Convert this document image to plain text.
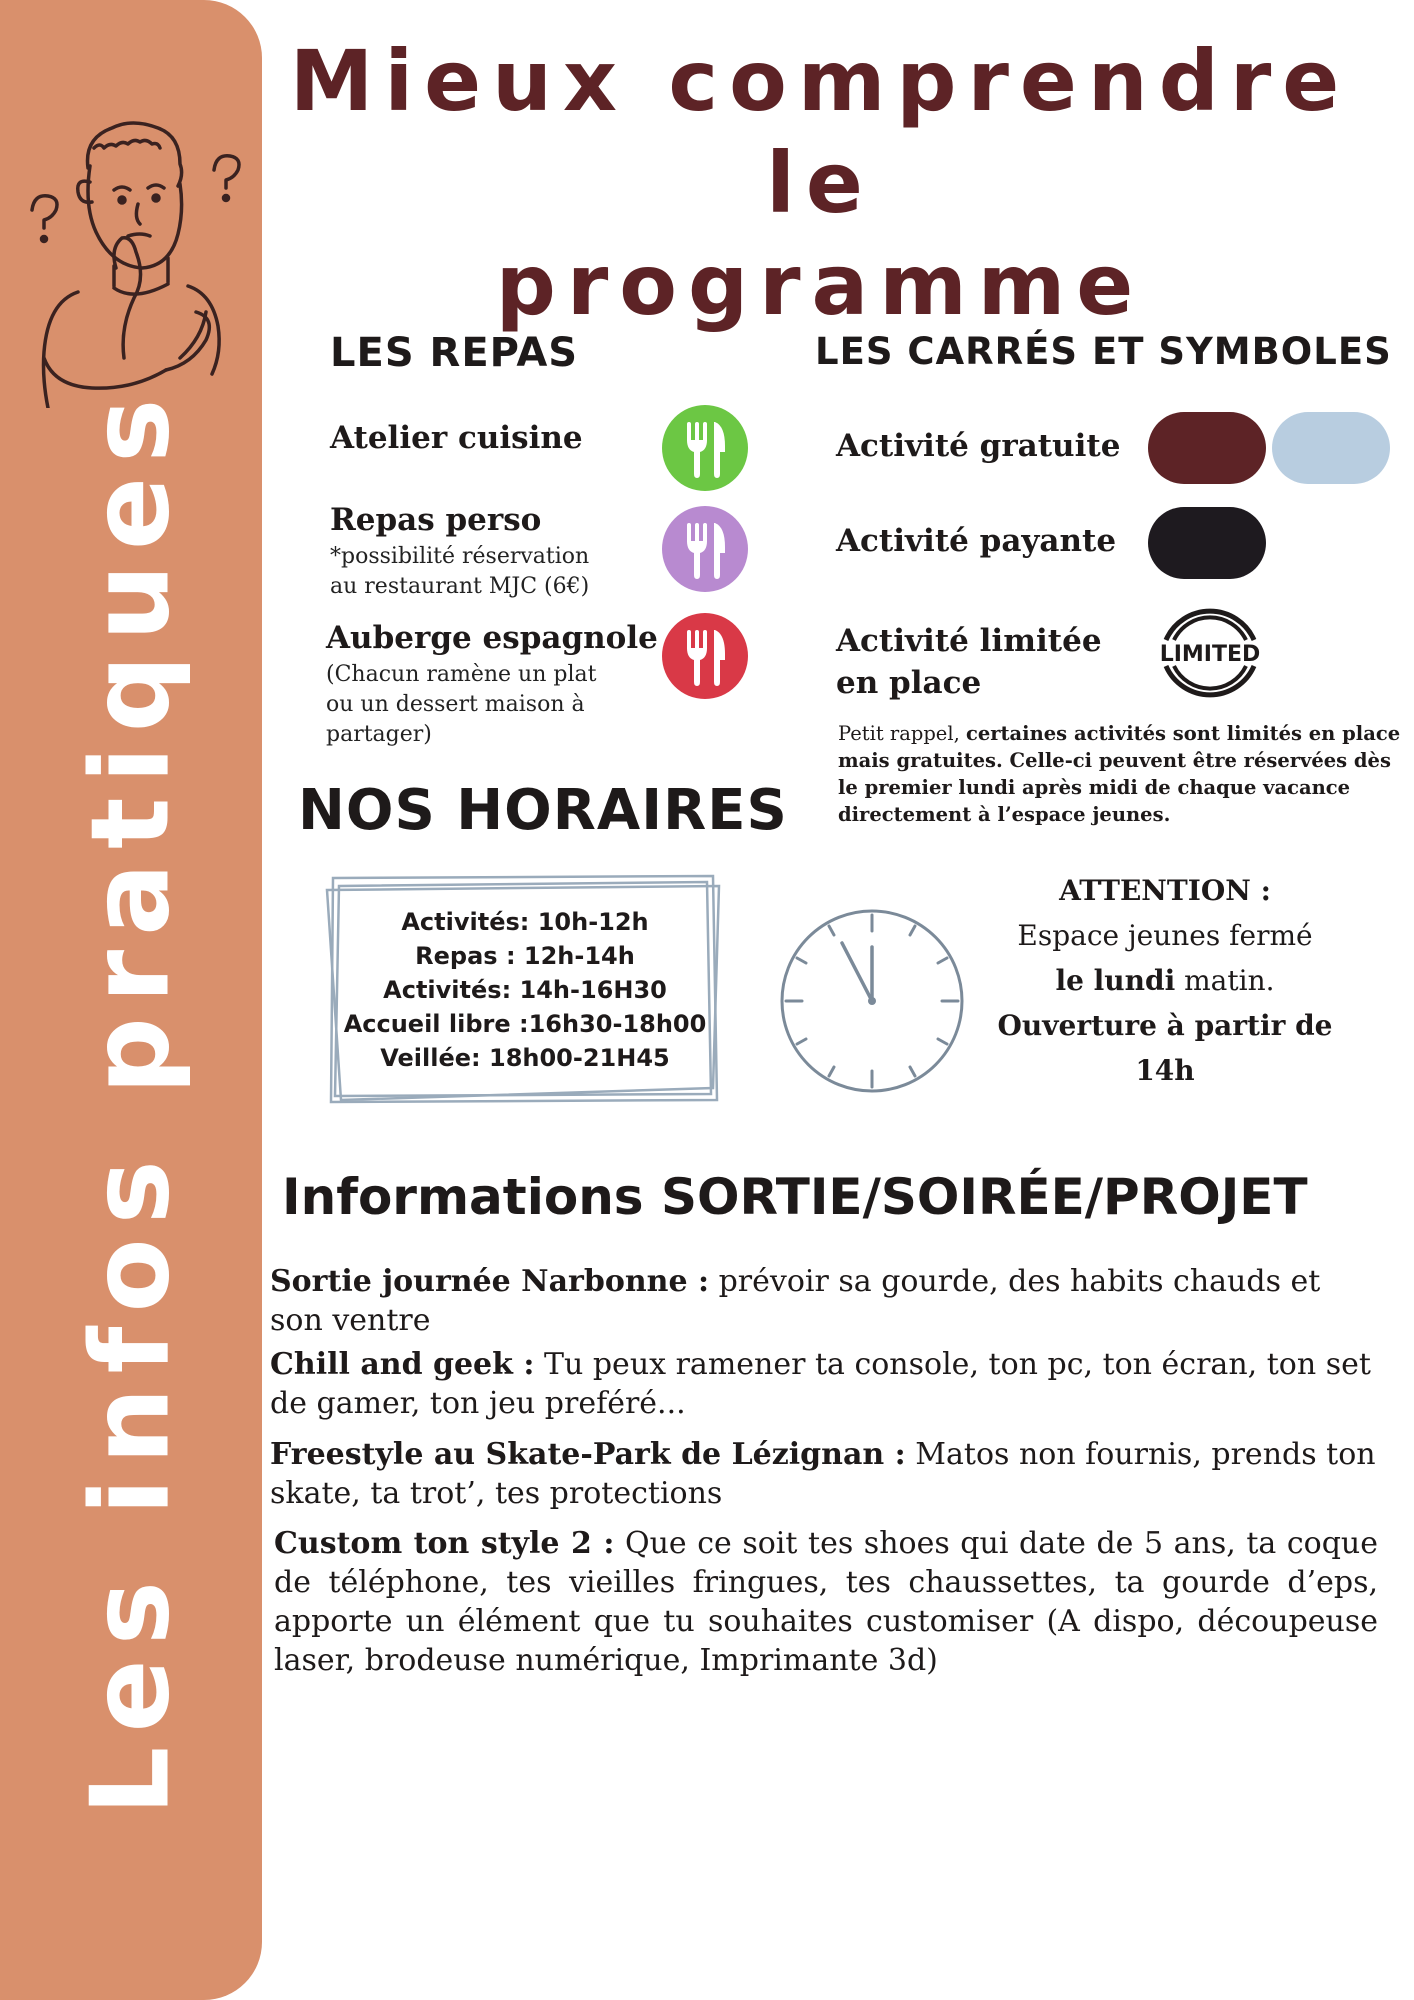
Les infos pratiques
Mieux comprendre le
programme
LES REPAS
Atelier cuisine
Repas perso
*possibilité réservation
au restaurant MJC (6€)
Auberge espagnole
(Chacun ramène un plat
ou un dessert maison à
partager)
LES CARRÉS ET SYMBOLES
Activité gratuite
Activité payante
Activité limitée
en place
LIMITED
Petit rappel, certaines activités sont limités en place mais gratuites. Celle-ci peuvent être réservées dès le premier lundi après midi de chaque vacance directement à l’espace jeunes.
NOS HORAIRES
Activités: 10h-12h
Repas : 12h-14h
Activités: 14h-16H30
Accueil libre :16h30-18h00
Veillée: 18h00-21H45
ATTENTION :
Espace jeunes fermé
le lundi matin.
Ouverture à partir de
14h
Informations SORTIE/SOIRÉE/PROJET
Sortie journée Narbonne : prévoir sa gourde, des habits chauds et son ventre
Chill and geek : Tu peux ramener ta console, ton pc, ton écran, ton set de gamer, ton jeu preféré...
Freestyle au Skate-Park de Lézignan : Matos non fournis, prends ton skate, ta trot’, tes protections
Custom ton style 2 : Que ce soit tes shoes qui date de 5 ans, ta coque de téléphone, tes vieilles fringues, tes chaussettes, ta gourde d’eps, apporte un élément que tu souhaites customiser (A dispo, découpeuse laser, brodeuse numérique, Imprimante 3d)
